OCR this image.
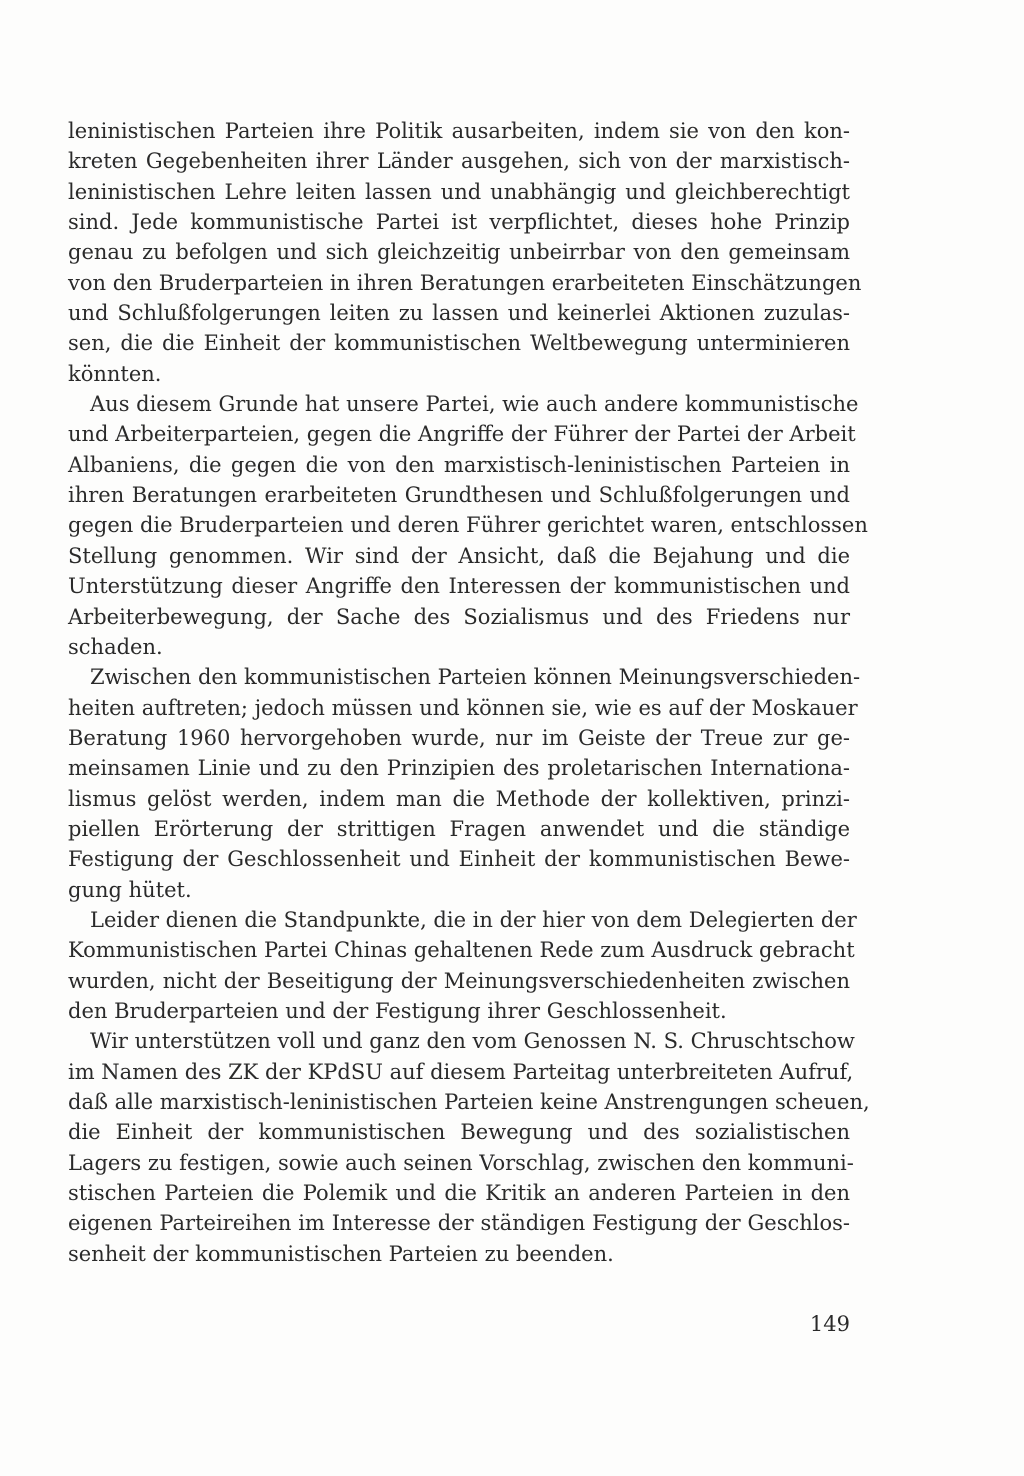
leninistischen Parteien ihre Politik ausarbeiten, indem sie von den kon-
kreten Gegebenheiten ihrer Länder ausgehen, sich von der marxistisch-
leninistischen Lehre leiten lassen und unabhängig und gleichberechtigt
sind. Jede kommunistische Partei ist verpflichtet, dieses hohe Prinzip
genau zu befolgen und sich gleichzeitig unbeirrbar von den gemeinsam
von den Bruderparteien in ihren Beratungen erarbeiteten Einschätzungen
und Schlußfolgerungen leiten zu lassen und keinerlei Aktionen zuzulas-
sen, die die Einheit der kommunistischen Weltbewegung unterminieren
könnten.
Aus diesem Grunde hat unsere Partei, wie auch andere kommunistische
und Arbeiterparteien, gegen die Angriffe der Führer der Partei der Arbeit
Albaniens, die gegen die von den marxistisch-leninistischen Parteien in
ihren Beratungen erarbeiteten Grundthesen und Schlußfolgerungen und
gegen die Bruderparteien und deren Führer gerichtet waren, entschlossen
Stellung genommen. Wir sind der Ansicht, daß die Bejahung und die
Unterstützung dieser Angriffe den Interessen der kommunistischen und
Arbeiterbewegung, der Sache des Sozialismus und des Friedens nur
schaden.
Zwischen den kommunistischen Parteien können Meinungsverschieden-
heiten auftreten; jedoch müssen und können sie, wie es auf der Moskauer
Beratung 1960 hervorgehoben wurde, nur im Geiste der Treue zur ge-
meinsamen Linie und zu den Prinzipien des proletarischen Internationa-
lismus gelöst werden, indem man die Methode der kollektiven, prinzi-
piellen Erörterung der strittigen Fragen anwendet und die ständige
Festigung der Geschlossenheit und Einheit der kommunistischen Bewe-
gung hütet.
Leider dienen die Standpunkte, die in der hier von dem Delegierten der
Kommunistischen Partei Chinas gehaltenen Rede zum Ausdruck gebracht
wurden, nicht der Beseitigung der Meinungsverschiedenheiten zwischen
den Bruderparteien und der Festigung ihrer Geschlossenheit.
Wir unterstützen voll und ganz den vom Genossen N. S. Chruschtschow
im Namen des ZK der KPdSU auf diesem Parteitag unterbreiteten Aufruf,
daß alle marxistisch-leninistischen Parteien keine Anstrengungen scheuen,
die Einheit der kommunistischen Bewegung und des sozialistischen
Lagers zu festigen, sowie auch seinen Vorschlag, zwischen den kommuni-
stischen Parteien die Polemik und die Kritik an anderen Parteien in den
eigenen Parteireihen im Interesse der ständigen Festigung der Geschlos-
senheit der kommunistischen Parteien zu beenden.
149
